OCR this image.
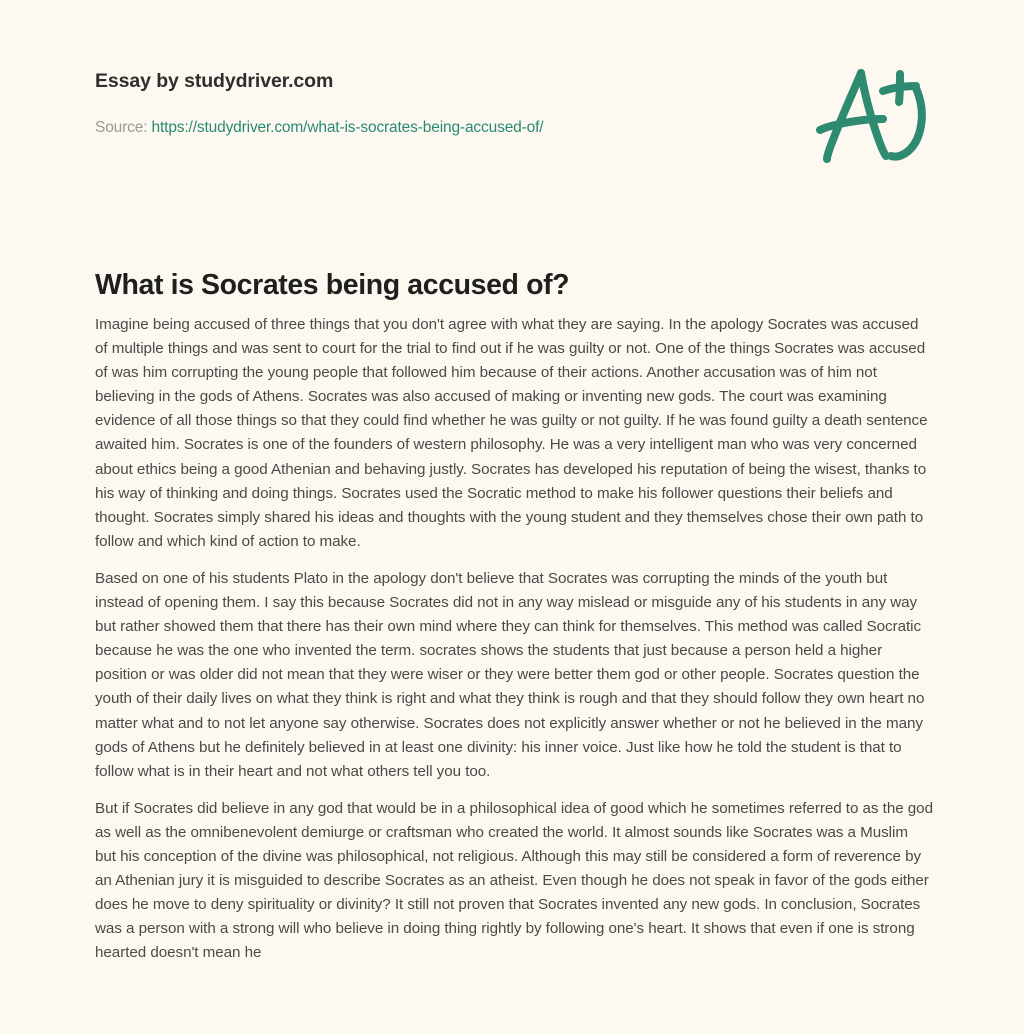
Essay by studydriver.com
Source: https://studydriver.com/what-is-socrates-being-accused-of/
What is Socrates being accused of?

Imagine being accused of three things that you don't agree with what they are saying. In the apology Socrates was accused of multiple things and was sent to court for the trial to find out if he was guilty or not. One of the things Socrates was accused of was him corrupting the young people that followed him because of their actions. Another accusation was of him not believing in the gods of Athens. Socrates was also accused of making or inventing new gods. The court was examining evidence of all those things so that they could find whether he was guilty or not guilty. If he was found guilty a death sentence awaited him. Socrates is one of the founders of western philosophy. He was a very intelligent man who was very concerned about ethics being a good Athenian and behaving justly. Socrates has developed his reputation of being the wisest, thanks to his way of thinking and doing things. Socrates used the Socratic method to make his follower questions their beliefs and thought. Socrates simply shared his ideas and thoughts with the young student and they themselves chose their own path to follow and which kind of action to make.

Based on one of his students Plato in the apology don't believe that Socrates was corrupting the minds of the youth but instead of opening them. I say this because Socrates did not in any way mislead or misguide any of his students in any way but rather showed them that there has their own mind where they can think for themselves. This method was called Socratic because he was the one who invented the term. socrates shows the students that just because a person held a higher position or was older did not mean that they were wiser or they were better them god or other people. Socrates question the youth of their daily lives on what they think is right and what they think is rough and that they should follow they own heart no matter what and to not let anyone say otherwise. Socrates does not explicitly answer whether or not he believed in the many gods of Athens but he definitely believed in at least one divinity: his inner voice. Just like how he told the student is that to follow what is in their heart and not what others tell you too.

But if Socrates did believe in any god that would be in a philosophical idea of good which he sometimes referred to as the god as well as the omnibenevolent demiurge or craftsman who created the world. It almost sounds like Socrates was a Muslim but his conception of the divine was philosophical, not religious. Although this may still be considered a form of reverence by an Athenian jury it is misguided to describe Socrates as an atheist. Even though he does not speak in favor of the gods either does he move to deny spirituality or divinity? It still not proven that Socrates invented any new gods. In conclusion, Socrates was a person with a strong will who believe in doing thing rightly by following one's heart. It shows that even if one is strong hearted doesn't mean he
